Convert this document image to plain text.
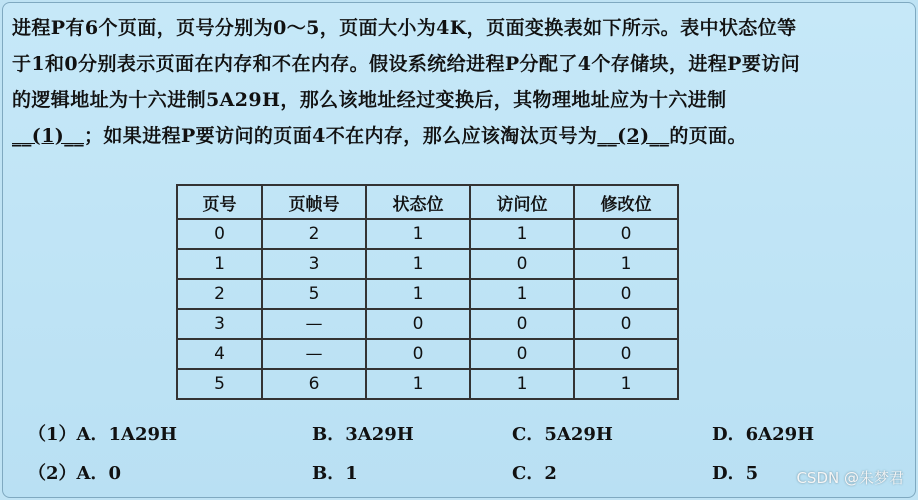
进程P有6个页面，页号分别为0～5，页面大小为4K，页面变换表如下所示。表中状态位等

于1和0分别表示页面在内存和不在内存。假设系统给进程P分配了4个存储块，进程P要访问

的逻辑地址为十六进制5A29H，那么该地址经过变换后，其物理地址应为十六进制

__(1)__；如果进程P要访问的页面4不在内存，那么应该淘汰页号为__(2)__的页面。

页号	页帧号	状态位	访问位	修改位
0	2	1	1	0
1	3	1	0	1
2	5	1	1	0
3	—	0	0	0
4	—	0	0	0
5	6	1	1	1
（1）A．1A29H	B．3A29H	C．5A29H	D．6A29H
（2）A．0	B．1	C．2	D．5	CSDN @朱梦君
